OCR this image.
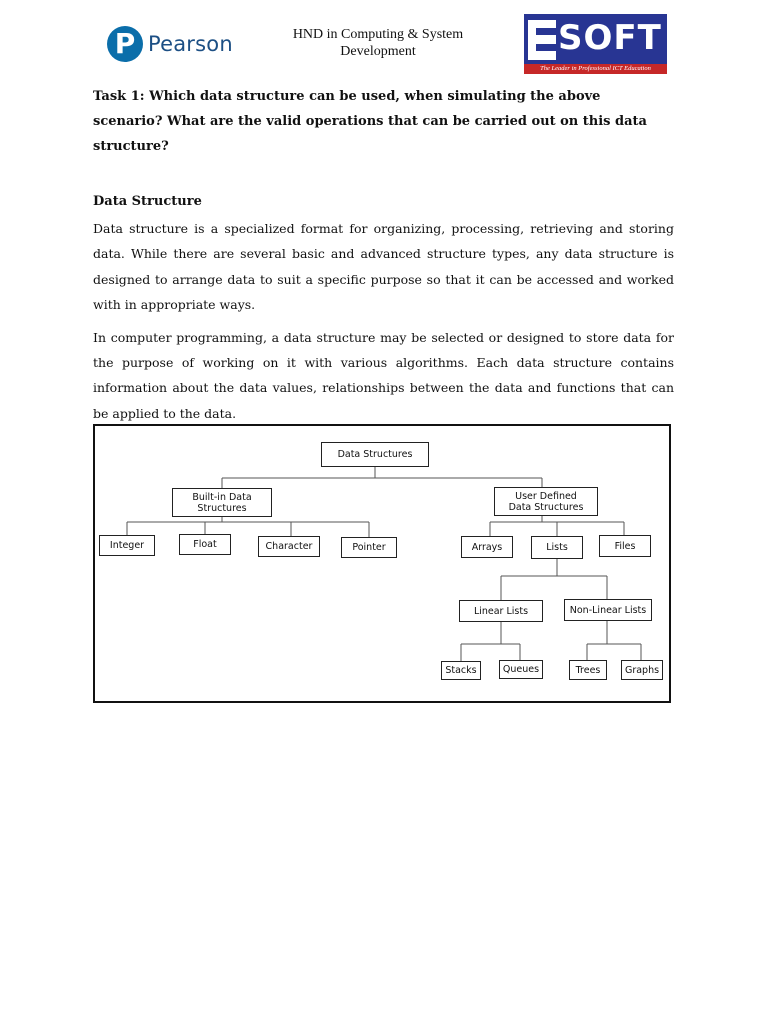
P Pearson	HND in Computing & System
Development	SOFT
The Leader in Professional ICT Education

Task 1: Which data structure can be used, when simulating the above scenario? What are the valid operations that can be carried out on this data structure?

Data Structure

Data structure is a specialized format for organizing, processing, retrieving and storing data. While there are several basic and advanced structure types, any data structure is designed to arrange data to suit a specific purpose so that it can be accessed and worked with in appropriate ways.

In computer programming, a data structure may be selected or designed to store data for the purpose of working on it with various algorithms. Each data structure contains information about the data values, relationships between the data and functions that can be applied to the data.

Data Structures
Built-in Data
Structures
User Defined
Data Structures
Integer	Float	Character	Pointer	Arrays	Lists	Files
Linear Lists	Non-Linear Lists
Stacks	Queues	Trees	Graphs
